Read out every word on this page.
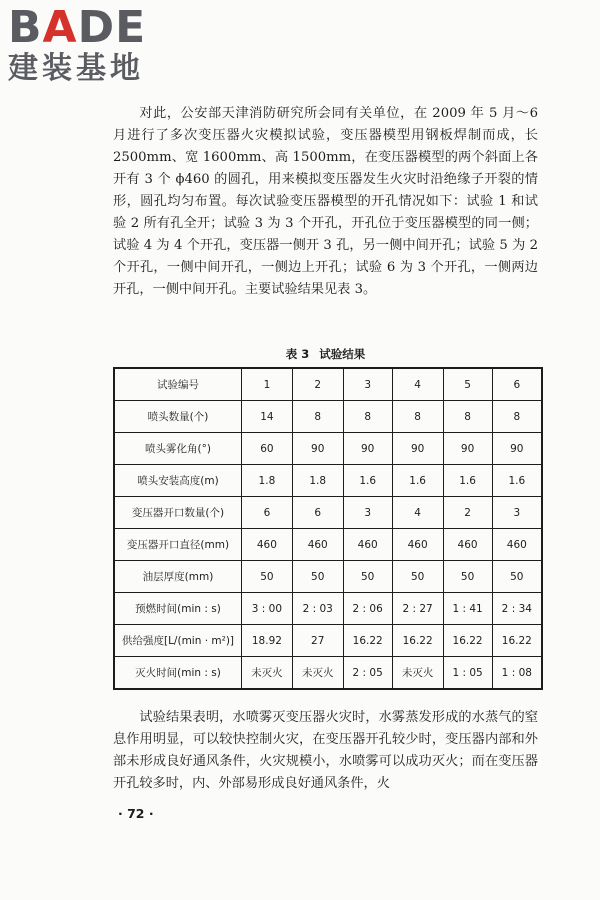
BADE
建装基地

对此，公安部天津消防研究所会同有关单位，在 2009 年 5 月～6 月进行了多次变压器火灾模拟试验，变压器模型用钢板焊制而成，长 2500mm、宽 1600mm、高 1500mm，在变压器模型的两个斜面上各开有 3 个 ϕ460 的圆孔，用来模拟变压器发生火灾时沿绝缘子开裂的情形，圆孔均匀布置。每次试验变压器模型的开孔情况如下：试验 1 和试验 2 所有孔全开；试验 3 为 3 个开孔，开孔位于变压器模型的同一侧；试验 4 为 4 个开孔，变压器一侧开 3 孔，另一侧中间开孔；试验 5 为 2 个开孔，一侧中间开孔，一侧边上开孔；试验 6 为 3 个开孔，一侧两边开孔，一侧中间开孔。主要试验结果见表 3。

表 3 试验结果
试验编号	1	2	3	4	5	6
喷头数量(个)	14	8	8	8	8	8
喷头雾化角(°)	60	90	90	90	90	90
喷头安装高度(m)	1.8	1.8	1.6	1.6	1.6	1.6
变压器开口数量(个)	6	6	3	4	2	3
变压器开口直径(mm)	460	460	460	460	460	460
油层厚度(mm)	50	50	50	50	50	50
预燃时间(min : s)	3 : 00	2 : 03	2 : 06	2 : 27	1 : 41	2 : 34
供给强度[L/(min · m²)]	18.92	27	16.22	16.22	16.22	16.22
灭火时间(min : s)	未灭火	未灭火	2 : 05	未灭火	1 : 05	1 : 08

试验结果表明，水喷雾灭变压器火灾时，水雾蒸发形成的水蒸气的窒息作用明显，可以较快控制火灾，在变压器开孔较少时，变压器内部和外部未形成良好通风条件，火灾规模小，水喷雾可以成功灭火；而在变压器开孔较多时，内、外部易形成良好通风条件，火

· 72 ·
